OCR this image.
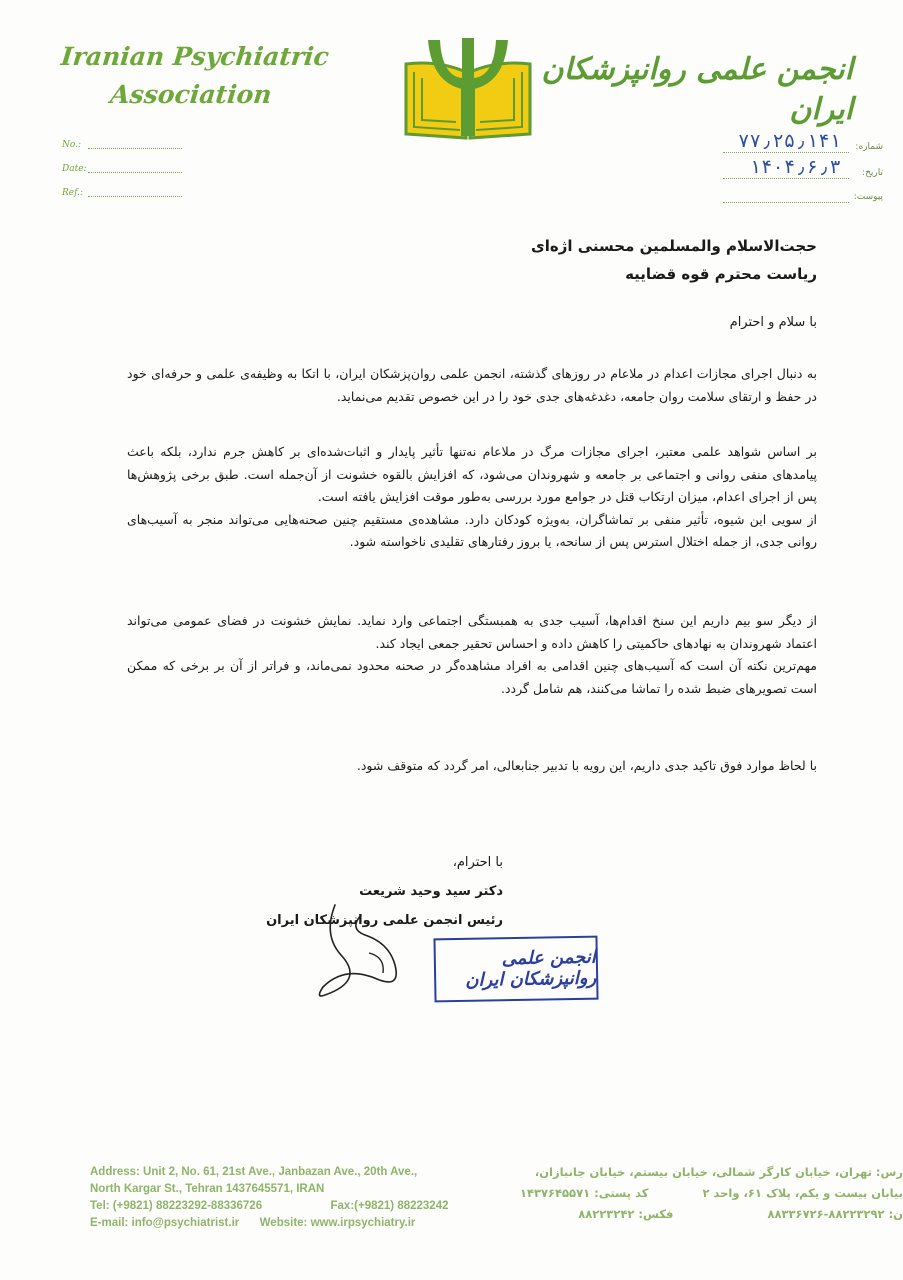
Iranian Psychiatric
Association
انجمن علمی روانپزشکان ایران
No.:
Date:
Ref.:
شماره:
۷۷٫۲۵٫۱۴۱
تاریخ:
۱۴۰۴٫۶٫۳
پیوست:
حجت‌الاسلام والمسلمین محسنی اژه‌ای
ریاست محترم قوه قضاییه
با سلام و احترام

به دنبال اجرای مجازات اعدام در ملاعام در روزهای گذشته، انجمن علمی روان‌پزشکان ایران، با اتکا به وظیفه‌ی علمی و حرفه‌ای خود در حفظ و ارتقای سلامت روان جامعه، دغدغه‌های جدی خود را در این خصوص تقدیم می‌نماید.

بر اساس شواهد علمی معتبر، اجرای مجازات مرگ در ملاعام نه‌تنها تأثیر پایدار و اثبات‌شده‌ای بر کاهش جرم ندارد، بلکه باعث پیامدهای منفی روانی و اجتماعی بر جامعه و شهروندان می‌شود، که افزایش بالقوه خشونت از آن‌جمله است. طبق برخی پژوهش‌ها پس از اجرای اعدام، میزان ارتکاب قتل در جوامع مورد بررسی به‌طور موقت افزایش یافته است.

از سویی این شیوه، تأثیر منفی بر تماشاگران، به‌ویژه کودکان دارد. مشاهده‌ی مستقیم چنین صحنه‌هایی می‌تواند منجر به آسیب‌های روانی جدی، از جمله اختلال استرس پس از سانحه، یا بروز رفتارهای تقلیدی ناخواسته شود.

از دیگر سو بیم داریم این سنخ اقدام‌ها، آسیب جدی به همبستگی اجتماعی وارد نماید. نمایش خشونت در فضای عمومی می‌تواند اعتماد شهروندان به نهادهای حاکمیتی را کاهش داده و احساس تحقیر جمعی ایجاد کند.

مهم‌ترین نکته آن است که آسیب‌های چنین اقدامی به افراد مشاهده‌گر در صحنه محدود نمی‌ماند، و فراتر از آن بر برخی که ممکن است تصویرهای ضبط شده را تماشا می‌کنند، هم شامل گردد.

با لحاظ موارد فوق تاکید جدی داریم، این رویه با تدبیر جنابعالی، امر گردد که متوقف شود.

با احترام،
دکتر سید وحید شریعت
رئیس انجمن علمی روانپزشکان ایران
انجمن علمی روانپزشکان ایران
Address: Unit 2, No. 61, 21st Ave., Janbazan Ave., 20th Ave.,
North Kargar St., Tehran 1437645571, IRAN
Tel: (+9821) 88223292-88336726	Fax:(+9821) 88223242
E-mail: info@psychiatrist.ir Website: www.irpsychiatry.ir
رس: تهران، خیابان کارگر شمالی، خیابان بیستم، خیابان جانبازان،
بیابان بیست و یکم، پلاک ۶۱، واحد ۲  کد پستی: ۱۴۳۷۶۴۵۵۷۱
ن: ۸۸۲۲۳۲۹۲-۸۸۳۳۶۷۲۶  فکس: ۸۸۲۲۳۲۴۲
